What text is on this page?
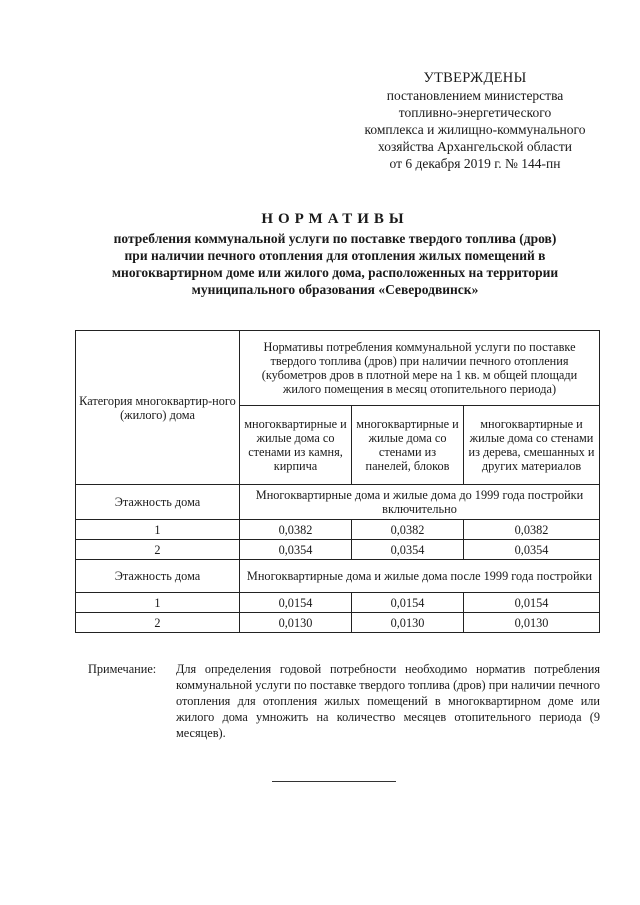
УТВЕРЖДЕНЫ
постановлением министерства
топливно-энергетического
комплекса и жилищно-коммунального
хозяйства Архангельской области
от 6 декабря 2019 г. № 144-пн
НОРМАТИВЫ
потребления коммунальной услуги по поставке твердого топлива (дров)
при наличии печного отопления для отопления жилых помещений в
многоквартирном доме или жилого дома, расположенных на территории
муниципального образования «Северодвинск»
Категория многоквартир-ного (жилого) дома	Нормативы потребления коммунальной услуги по поставке твердого топлива (дров) при наличии печного отопления (кубометров дров в плотной мере на 1 кв. м общей площади жилого помещения в месяц отопительного периода)		
	многоквартирные и жилые дома со стенами из камня, кирпича	многоквартирные и жилые дома со стенами из панелей, блоков	многоквартирные и жилые дома со стенами из дерева, смешанных и других материалов
Этажность дома	Многоквартирные дома и жилые дома до 1999 года постройки включительно		
1	0,0382	0,0382	0,0382
2	0,0354	0,0354	0,0354
Этажность дома	Многоквартирные дома и жилые дома после 1999 года постройки		
1	0,0154	0,0154	0,0154
2	0,0130	0,0130	0,0130
Примечание: Для определения годовой потребности необходимо норматив потребления коммунальной услуги по поставке твердого топлива (дров) при наличии печного отопления для отопления жилых помещений в многоквартирном доме или жилого дома умножить на количество месяцев отопительного периода (9 месяцев).
